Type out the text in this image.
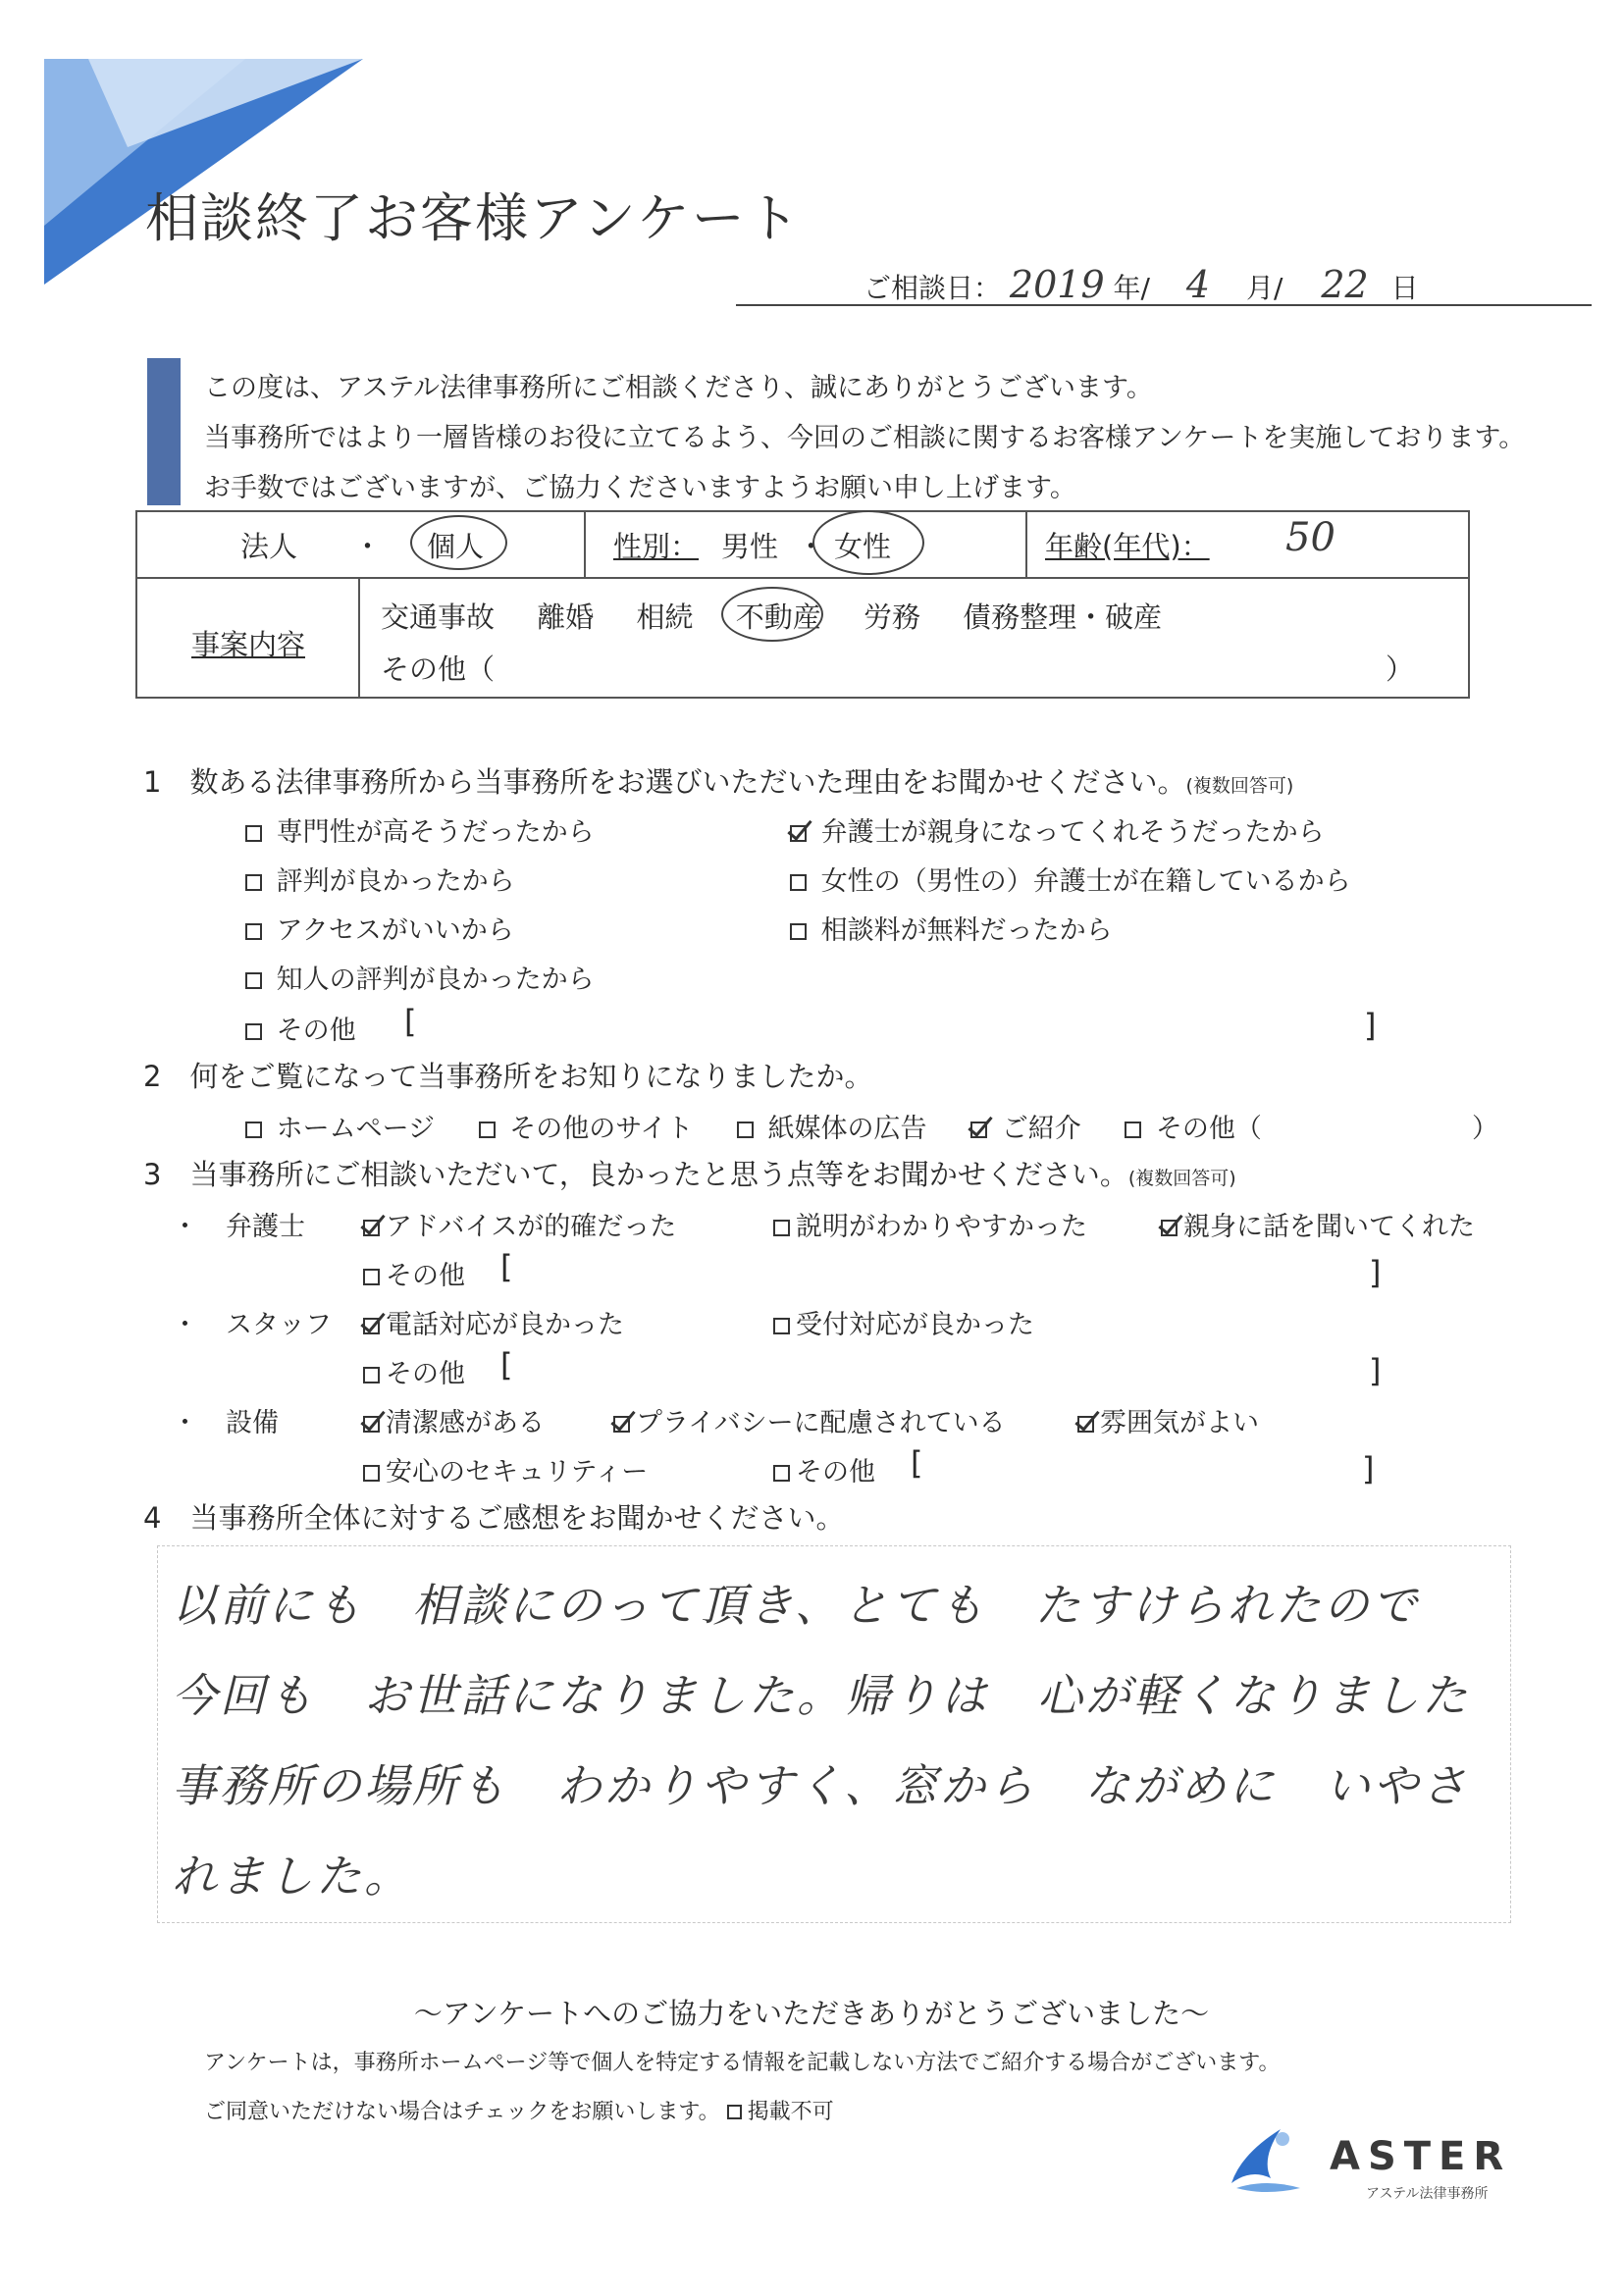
相談終了お客様アンケート
ご相談日： 2019 年/ 4 月/ 22 日
この度は、アステル法律事務所にご相談くださり、誠にありがとうございます。
当事務所ではより一層皆様のお役に立てるよう、今回のご相談に関するお客様アンケートを実施しております。
お手数ではございますが、ご協力くださいますようお願い申し上げます。
法人 ・ 個人	性別： 男性 ・ 女性	年齢(年代)： 50
事案内容
交通事故 離婚 相続 不動産 労務 債務整理・破産
その他（	）
1　数ある法律事務所から当事務所をお選びいただいた理由をお聞かせください。(複数回答可)
専門性が高そうだったから
評判が良かったから
アクセスがいいから
知人の評判が良かったから
その他 [	]
弁護士が親身になってくれそうだったから
女性の（男性の）弁護士が在籍しているから
相談料が無料だったから
2　何をご覧になって当事務所をお知りになりましたか。
ホームページ	その他のサイト	紙媒体の広告	ご紹介	その他（	）
3　当事務所にご相談いただいて，良かったと思う点等をお聞かせください。(複数回答可)
・ 弁護士	アドバイスが的確だった	説明がわかりやすかった	親身に話を聞いてくれた
その他 [	]
・ スタッフ	電話対応が良かった	受付対応が良かった
その他 [	]
・ 設備	清潔感がある	プライバシーに配慮されている	雰囲気がよい
安心のセキュリティー	その他 [	]
4　当事務所全体に対するご感想をお聞かせください。
以前にも　相談にのって頂き、とても　たすけられたので
今回も　お世話になりました。帰りは　心が軽くなりました
事務所の場所も　わかりやすく、窓から　ながめに　いやさ
れました。
〜アンケートへのご協力をいただきありがとうございました〜
アンケートは，事務所ホームページ等で個人を特定する情報を記載しない方法でご紹介する場合がございます。
ご同意いただけない場合はチェックをお願いします。 掲載不可
ASTER
アステル法律事務所
